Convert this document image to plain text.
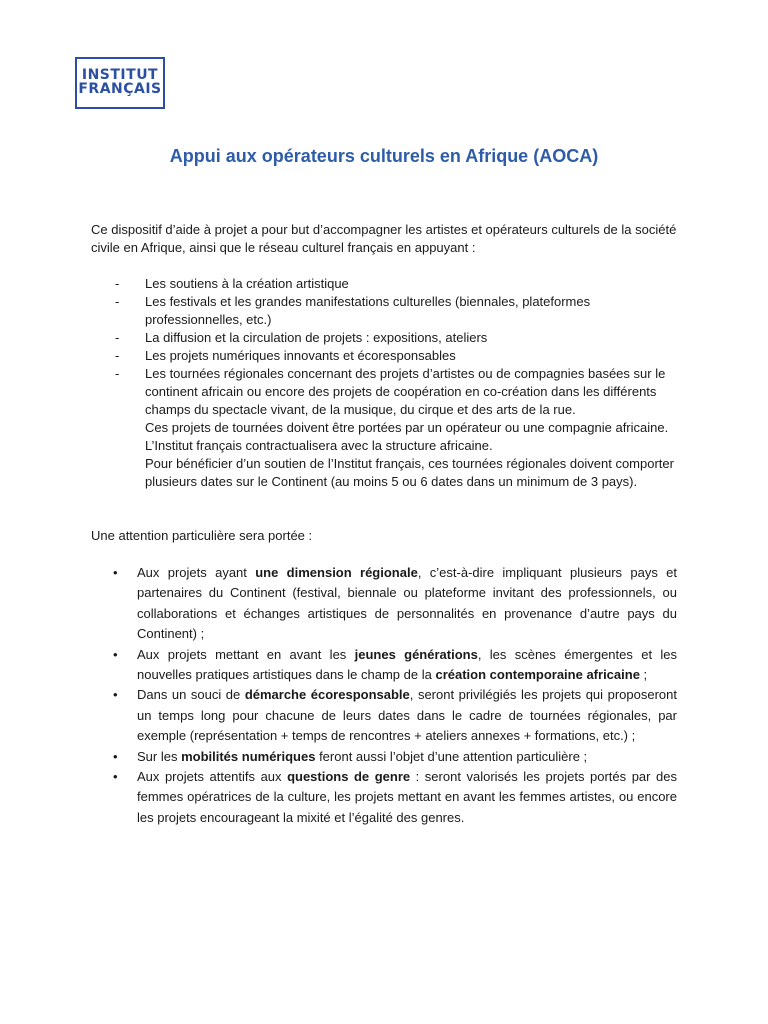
INSTITUT
FRANÇAIS
Appui aux opérateurs culturels en Afrique (AOCA)

Ce dispositif d’aide à projet a pour but d’accompagner les artistes et opérateurs culturels de la société civile en Afrique, ainsi que le réseau culturel français en appuyant :

- Les soutiens à la création artistique
- Les festivals et les grandes manifestations culturelles (biennales, plateformes professionnelles, etc.)
- La diffusion et la circulation de projets : expositions, ateliers
- Les projets numériques innovants et écoresponsables
- Les tournées régionales concernant des projets d’artistes ou de compagnies basées sur le continent africain ou encore des projets de coopération en co-création dans les différents champs du spectacle vivant, de la musique, du cirque et des arts de la rue.
Ces projets de tournées doivent être portées par un opérateur ou une compagnie africaine. L’Institut français contractualisera avec la structure africaine.
Pour bénéficier d’un soutien de l’Institut français, ces tournées régionales doivent comporter plusieurs dates sur le Continent (au moins 5 ou 6 dates dans un minimum de 3 pays).

Une attention particulière sera portée :

• Aux projets ayant une dimension régionale, c’est-à-dire impliquant plusieurs pays et partenaires du Continent (festival, biennale ou plateforme invitant des professionnels, ou collaborations et échanges artistiques de personnalités en provenance d’autre pays du Continent) ;
• Aux projets mettant en avant les jeunes générations, les scènes émergentes et les nouvelles pratiques artistiques dans le champ de la création contemporaine africaine ;
• Dans un souci de démarche écoresponsable, seront privilégiés les projets qui proposeront un temps long pour chacune de leurs dates dans le cadre de tournées régionales, par exemple (représentation + temps de rencontres + ateliers annexes + formations, etc.) ;
• Sur les mobilités numériques feront aussi l’objet d’une attention particulière ;
• Aux projets attentifs aux questions de genre : seront valorisés les projets portés par des femmes opératrices de la culture, les projets mettant en avant les femmes artistes, ou encore les projets encourageant la mixité et l’égalité des genres.
